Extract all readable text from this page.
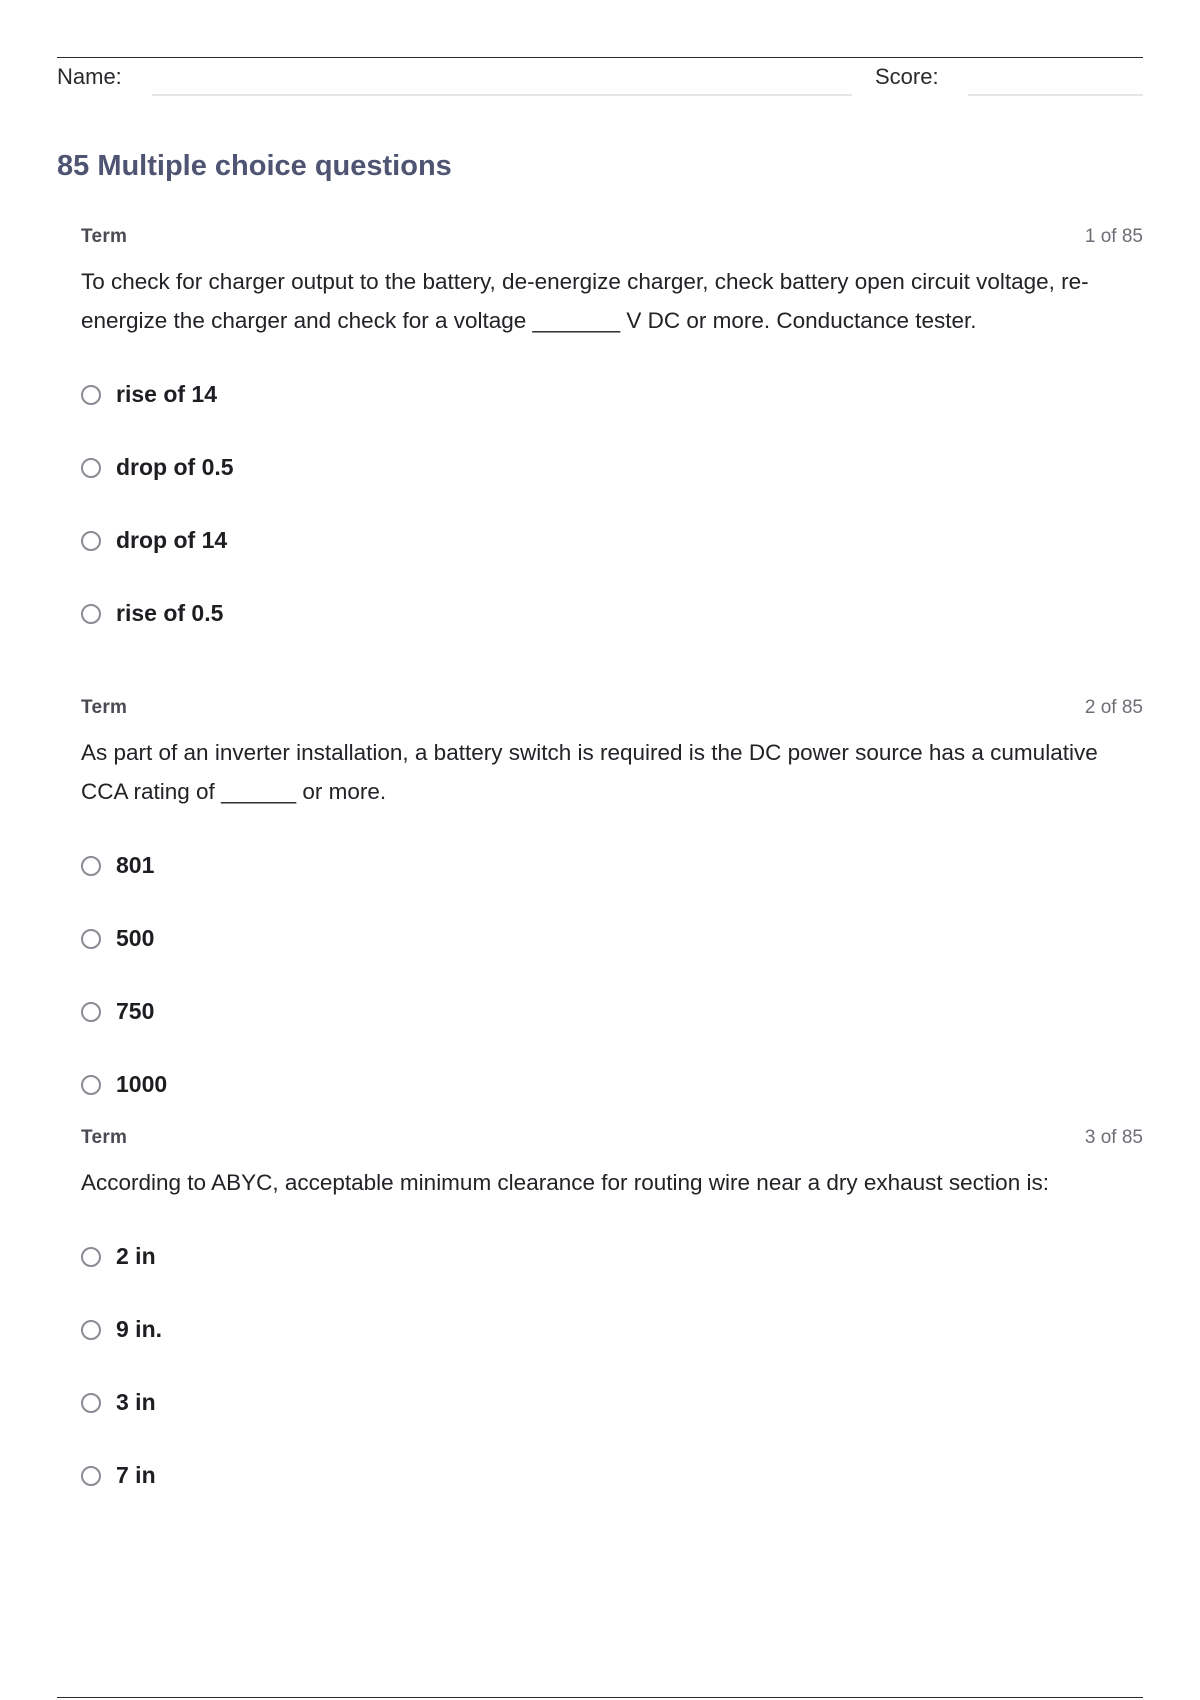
Name:	Score:
85 Multiple choice questions
Term	1 of 85
To check for charger output to the battery, de-energize charger, check battery open circuit voltage, re-energize the charger and check for a voltage _______ V DC or more. Conductance tester.
rise of 14
drop of 0.5
drop of 14
rise of 0.5
Term	2 of 85
As part of an inverter installation, a battery switch is required is the DC power source has a cumulative CCA rating of ______ or more.
801
500
750
1000
Term	3 of 85
According to ABYC, acceptable minimum clearance for routing wire near a dry exhaust section is:
2 in
9 in.
3 in
7 in
